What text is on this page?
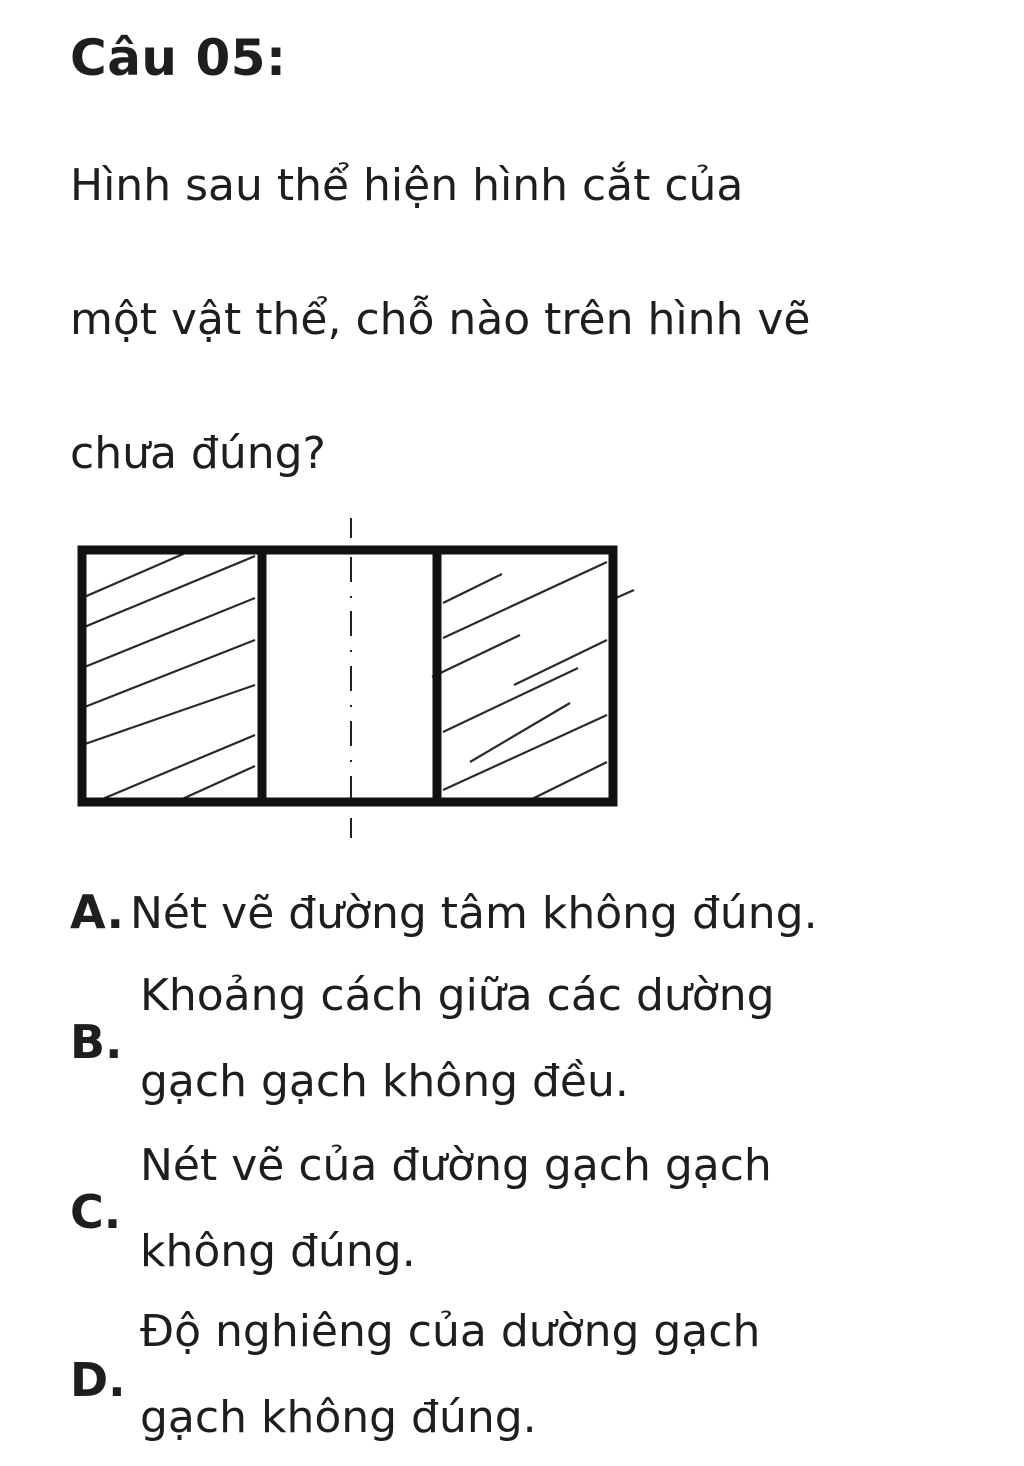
Câu 05:
Hình sau thể hiện hình cắt của
một vật thể, chỗ nào trên hình vẽ
chưa đúng?
A. Nét vẽ đường tâm không đúng.
B.
Khoảng cách giữa các dường
gạch gạch không đều.
C.
Nét vẽ của đường gạch gạch
không đúng.
D.
Độ nghiêng của dường gạch
gạch không đúng.
